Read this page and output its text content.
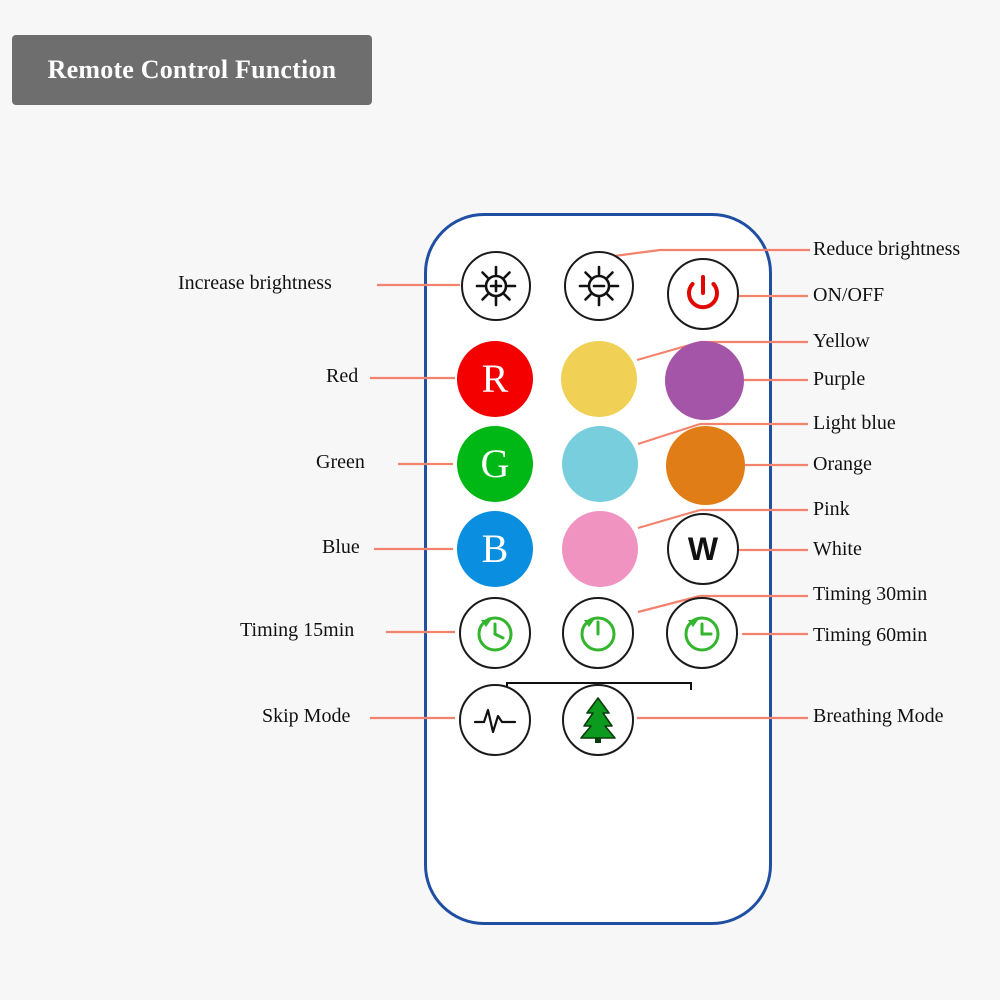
Remote Control Function
R
G
B	W
Increase brightness
Reduce brightness
ON/OFF
Red
Yellow
Purple
Green
Light blue
Orange
Blue
Pink
White
Timing 15min
Timing 30min
Timing 60min
Skip Mode	Breathing Mode
